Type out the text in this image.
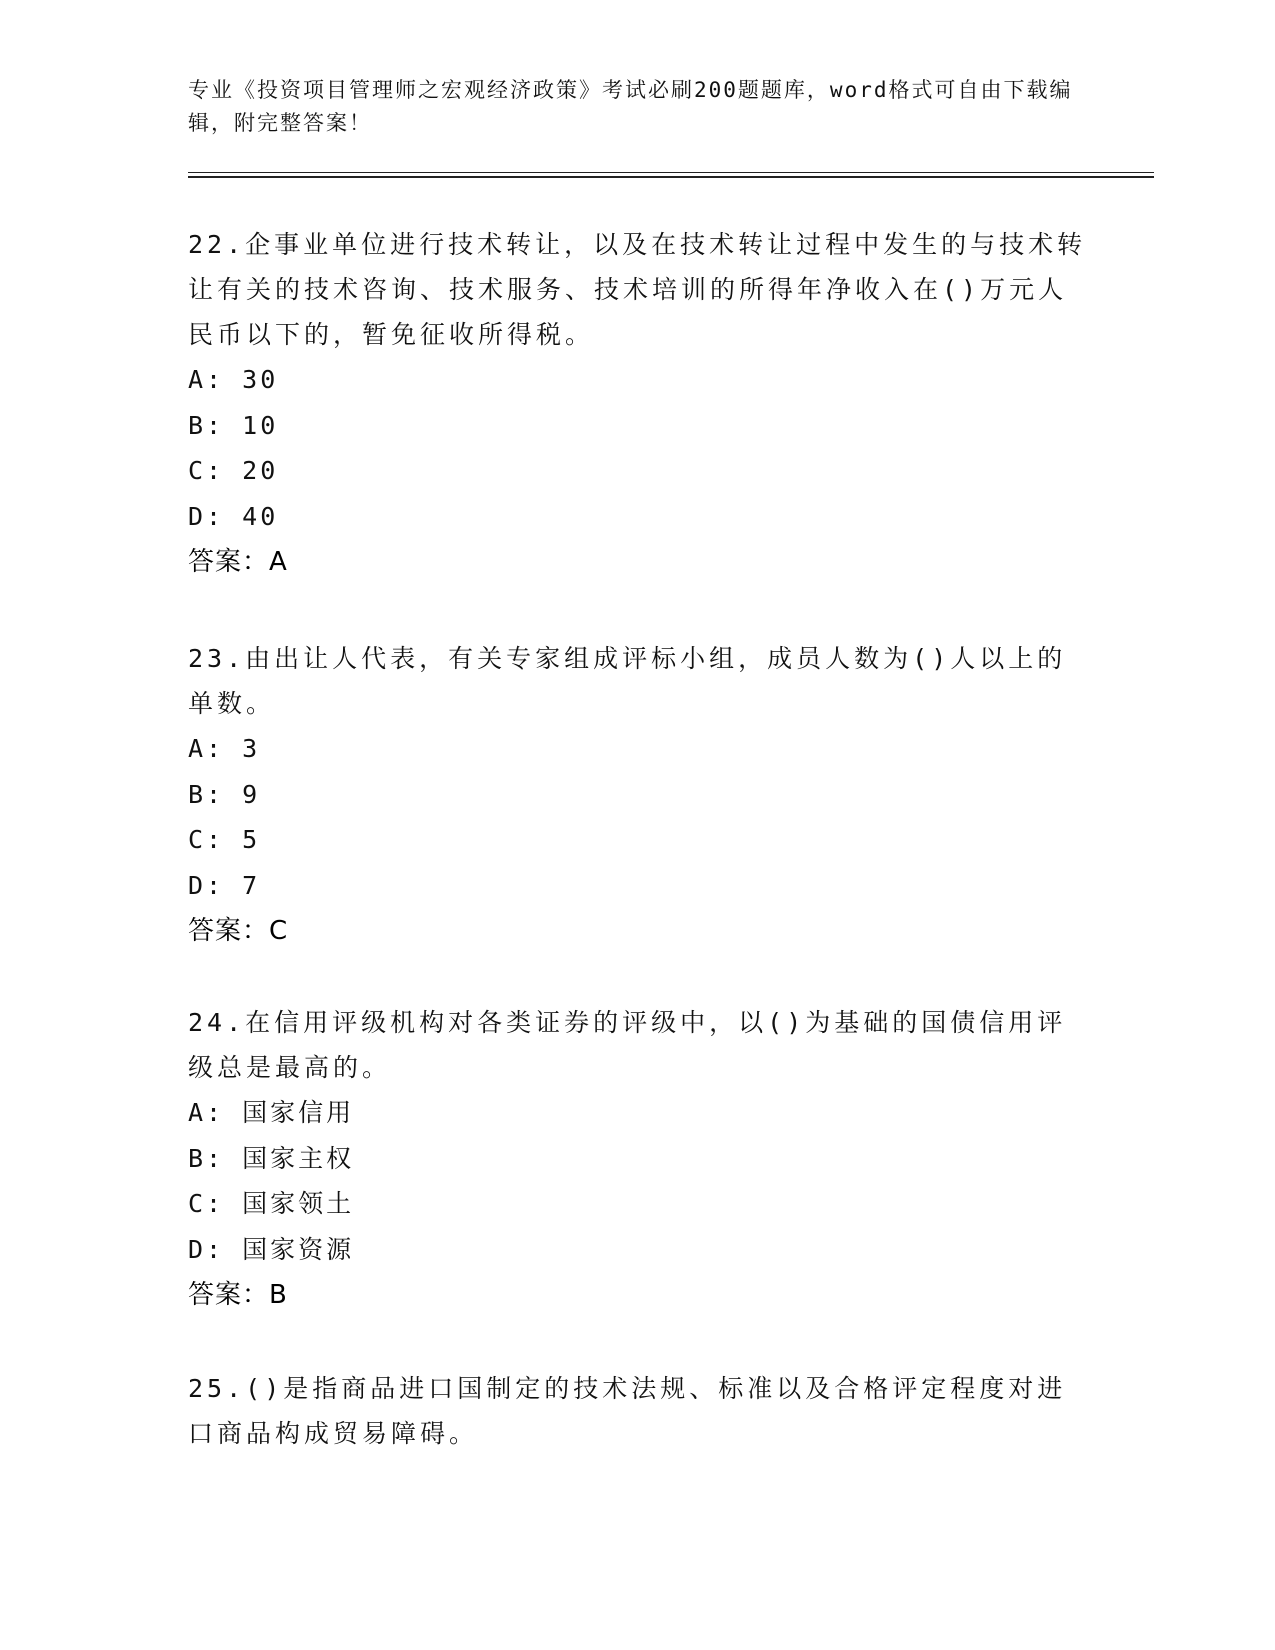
专业《投资项目管理师之宏观经济政策》考试必刷200题题库，word格式可自由下载编辑，附完整答案！

22.企事业单位进行技术转让，以及在技术转让过程中发生的与技术转让有关的技术咨询、技术服务、技术培训的所得年净收入在()万元人民币以下的，暂免征收所得税。

A: 30

B: 10

C: 20

D: 40

答案：A

23.由出让人代表，有关专家组成评标小组，成员人数为()人以上的单数。

A: 3

B: 9

C: 5

D: 7

答案：C

24.在信用评级机构对各类证券的评级中，以()为基础的国债信用评级总是最高的。

A: 国家信用

B: 国家主权

C: 国家领土

D: 国家资源

答案：B

25.()是指商品进口国制定的技术法规、标准以及合格评定程度对进口商品构成贸易障碍。
